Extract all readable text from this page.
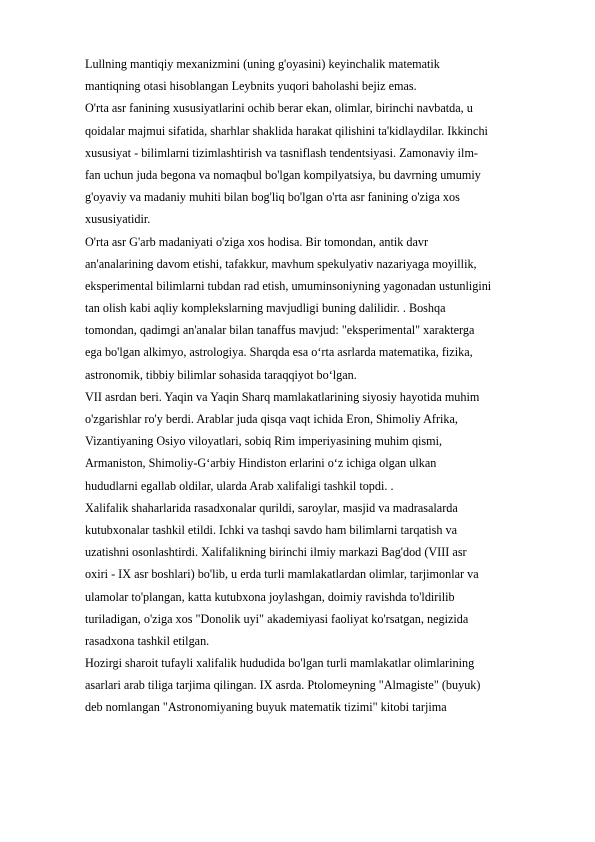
Lullning mantiqiy mexanizmini (uning g'oyasini) keyinchalik matematik
mantiqning otasi hisoblangan Leybnits yuqori baholashi bejiz emas.
O'rta asr fanining xususiyatlarini ochib berar ekan, olimlar, birinchi navbatda, u
qoidalar majmui sifatida, sharhlar shaklida harakat qilishini ta'kidlaydilar. Ikkinchi
xususiyat - bilimlarni tizimlashtirish va tasniflash tendentsiyasi. Zamonaviy ilm-
fan uchun juda begona va nomaqbul bo'lgan kompilyatsiya, bu davrning umumiy
g'oyaviy va madaniy muhiti bilan bog'liq bo'lgan o'rta asr fanining o'ziga xos
xususiyatidir.
O'rta asr G'arb madaniyati o'ziga xos hodisa. Bir tomondan, antik davr
an'analarining davom etishi, tafakkur, mavhum spekulyativ nazariyaga moyillik,
eksperimental bilimlarni tubdan rad etish, umuminsoniyning yagonadan ustunligini
tan olish kabi aqliy komplekslarning mavjudligi buning dalilidir. . Boshqa
tomondan, qadimgi an'analar bilan tanaffus mavjud: "eksperimental" xarakterga
ega bo'lgan alkimyo, astrologiya. Sharqda esa o‘rta asrlarda matematika, fizika,
astronomik, tibbiy bilimlar sohasida taraqqiyot bo‘lgan.
VII asrdan beri. Yaqin va Yaqin Sharq mamlakatlarining siyosiy hayotida muhim
o'zgarishlar ro'y berdi. Arablar juda qisqa vaqt ichida Eron, Shimoliy Afrika,
Vizantiyaning Osiyo viloyatlari, sobiq Rim imperiyasining muhim qismi,
Armaniston, Shimoliy-G‘arbiy Hindiston erlarini o‘z ichiga olgan ulkan
hududlarni egallab oldilar, ularda Arab xalifaligi tashkil topdi. .
Xalifalik shaharlarida rasadxonalar qurildi, saroylar, masjid va madrasalarda
kutubxonalar tashkil etildi. Ichki va tashqi savdo ham bilimlarni tarqatish va
uzatishni osonlashtirdi. Xalifalikning birinchi ilmiy markazi Bag'dod (VIII asr
oxiri - IX asr boshlari) bo'lib, u erda turli mamlakatlardan olimlar, tarjimonlar va
ulamolar to'plangan, katta kutubxona joylashgan, doimiy ravishda to'ldirilib
turiladigan, o'ziga xos "Donolik uyi" akademiyasi faoliyat ko'rsatgan, negizida
rasadxona tashkil etilgan.
Hozirgi sharoit tufayli xalifalik hududida bo'lgan turli mamlakatlar olimlarining
asarlari arab tiliga tarjima qilingan. IX asrda. Ptolomeyning "Almagiste" (buyuk)
deb nomlangan "Astronomiyaning buyuk matematik tizimi" kitobi tarjima
